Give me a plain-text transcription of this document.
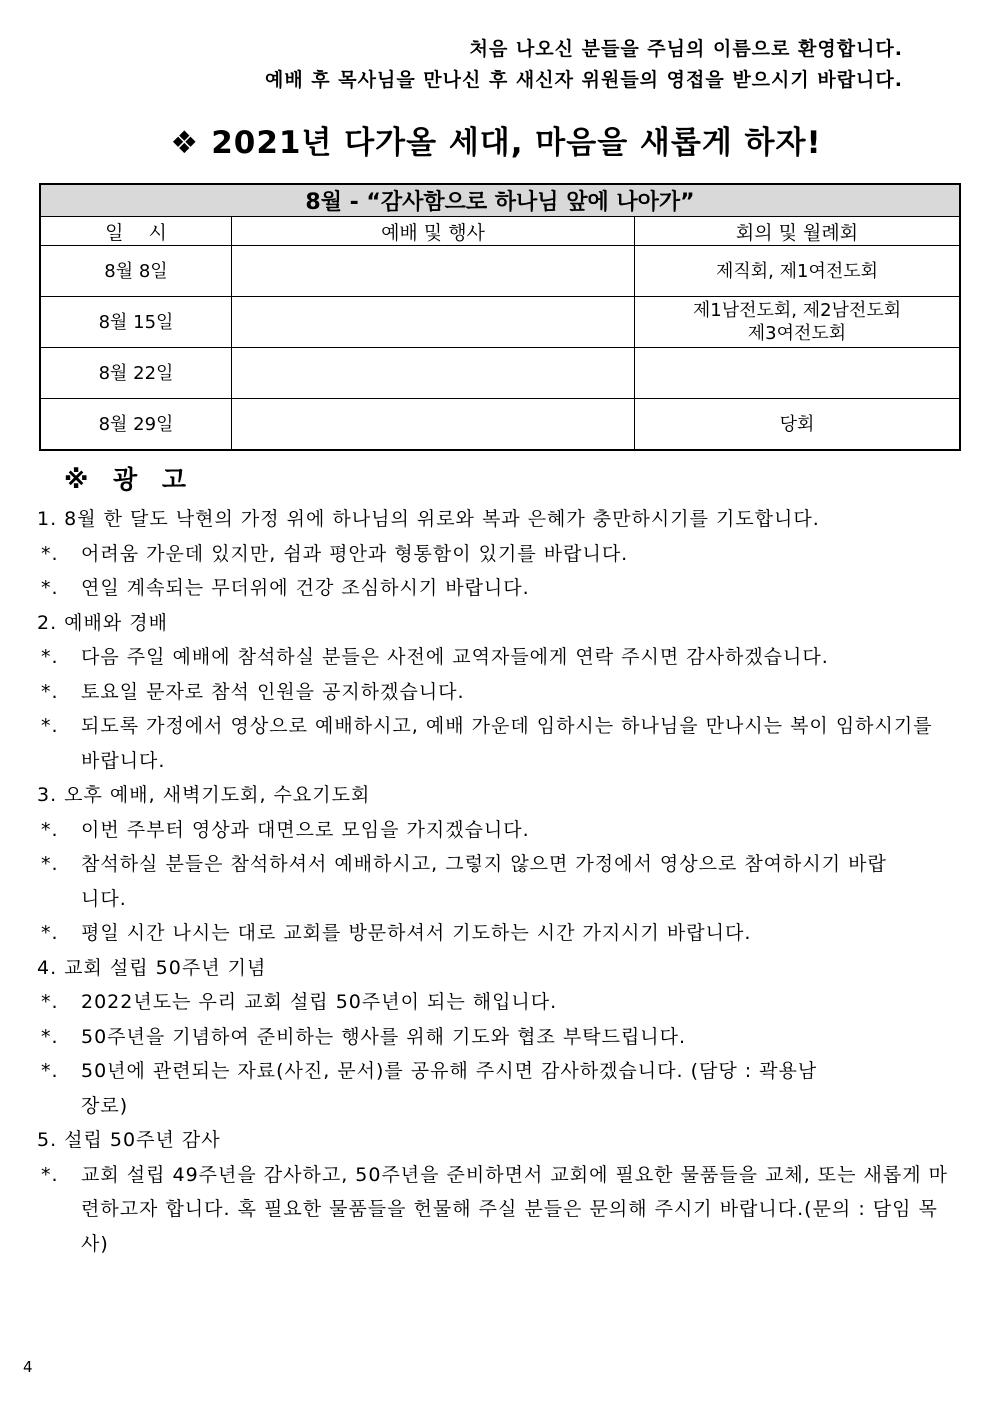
처음 나오신 분들을 주님의 이름으로 환영합니다.
예배 후 목사님을 만나신 후 새신자 위원들의 영접을 받으시기 바랍니다.
❖ 2021년 다가올 세대, 마음을 새롭게 하자!
8월 - “감사함으로 하나님 앞에 나아가”		
일　 시	예배 및 행사	회의 및 월례회
8월 8일		제직회, 제1여전도회

8월 15일		제1남전도회, 제2남전도회
제3여전도회

8월 22일		
8월 29일		당회
※ 광 고
1. 8월 한 달도 낙현의 가정 위에 하나님의 위로와 복과 은혜가 충만하시기를 기도합니다.
*. 어려움 가운데 있지만, 쉼과 평안과 형통함이 있기를 바랍니다.
*. 연일 계속되는 무더위에 건강 조심하시기 바랍니다.
2. 예배와 경배
*. 다음 주일 예배에 참석하실 분들은 사전에 교역자들에게 연락 주시면 감사하겠습니다.
*. 토요일 문자로 참석 인원을 공지하겠습니다.
*. 되도록 가정에서 영상으로 예배하시고, 예배 가운데 임하시는 하나님을 만나시는 복이 임하시기를 바랍니다.
3. 오후 예배, 새벽기도회, 수요기도회
*. 이번 주부터 영상과 대면으로 모임을 가지겠습니다.
*. 참석하실 분들은 참석하셔서 예배하시고, 그렇지 않으면 가정에서 영상으로 참여하시기 바랍니다.
*. 평일 시간 나시는 대로 교회를 방문하셔서 기도하는 시간 가지시기 바랍니다.
4. 교회 설립 50주년 기념
*. 2022년도는 우리 교회 설립 50주년이 되는 해입니다.
*. 50주년을 기념하여 준비하는 행사를 위해 기도와 협조 부탁드립니다.
*. 50년에 관련되는 자료(사진, 문서)를 공유해 주시면 감사하겠습니다. (담당 : 곽용남 장로)
5. 설립 50주년 감사
*. 교회 설립 49주년을 감사하고, 50주년을 준비하면서 교회에 필요한 물품들을 교체, 또는 새롭게 마련하고자 합니다. 혹 필요한 물품들을 헌물해 주실 분들은 문의해 주시기 바랍니다.(문의 : 담임 목사)
4
